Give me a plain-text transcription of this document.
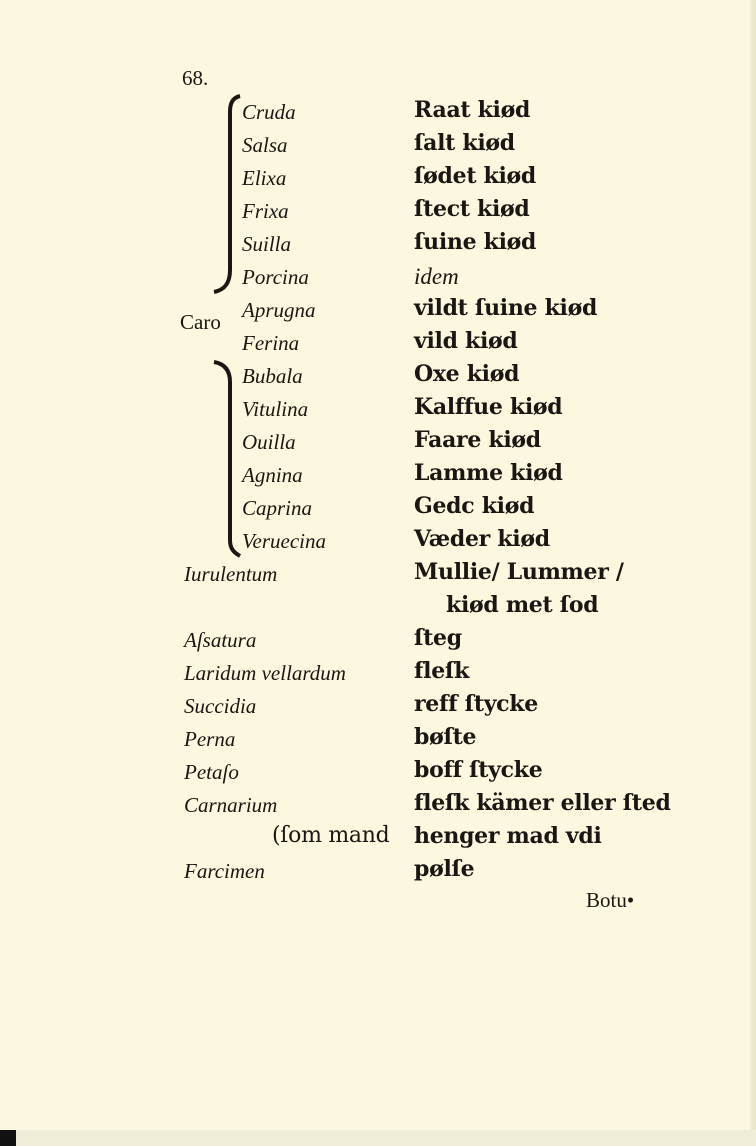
68.
Caro
Cruda	Raat kiød
Salsa	ſalt kiød
Elixa	ſødet kiød
Frixa	ſtect kiød
Suilla	ſuine kiød
Porcina	idem
Aprugna	vildt ſuine kiød
Ferina	vild kiød
Bubala	Oxe kiød
Vitulina	Kalffue kiød
Ouilla	Faare kiød
Agnina	Lamme kiød
Caprina	Gedc kiød
Veruecina	Væder kiød
Iurulentum	Mullie/ Lummer /
kiød met ſod
Aſsatura	ſteg
Laridum vellardum	fleſk
Succidia	reff ſtycke
Perna	bøſte
Petaſo	boff ſtycke
Carnarium	fleſk kämer eller ſted
(ſom mand henger mad vdi
Farcimen	pølſe
Botu•
